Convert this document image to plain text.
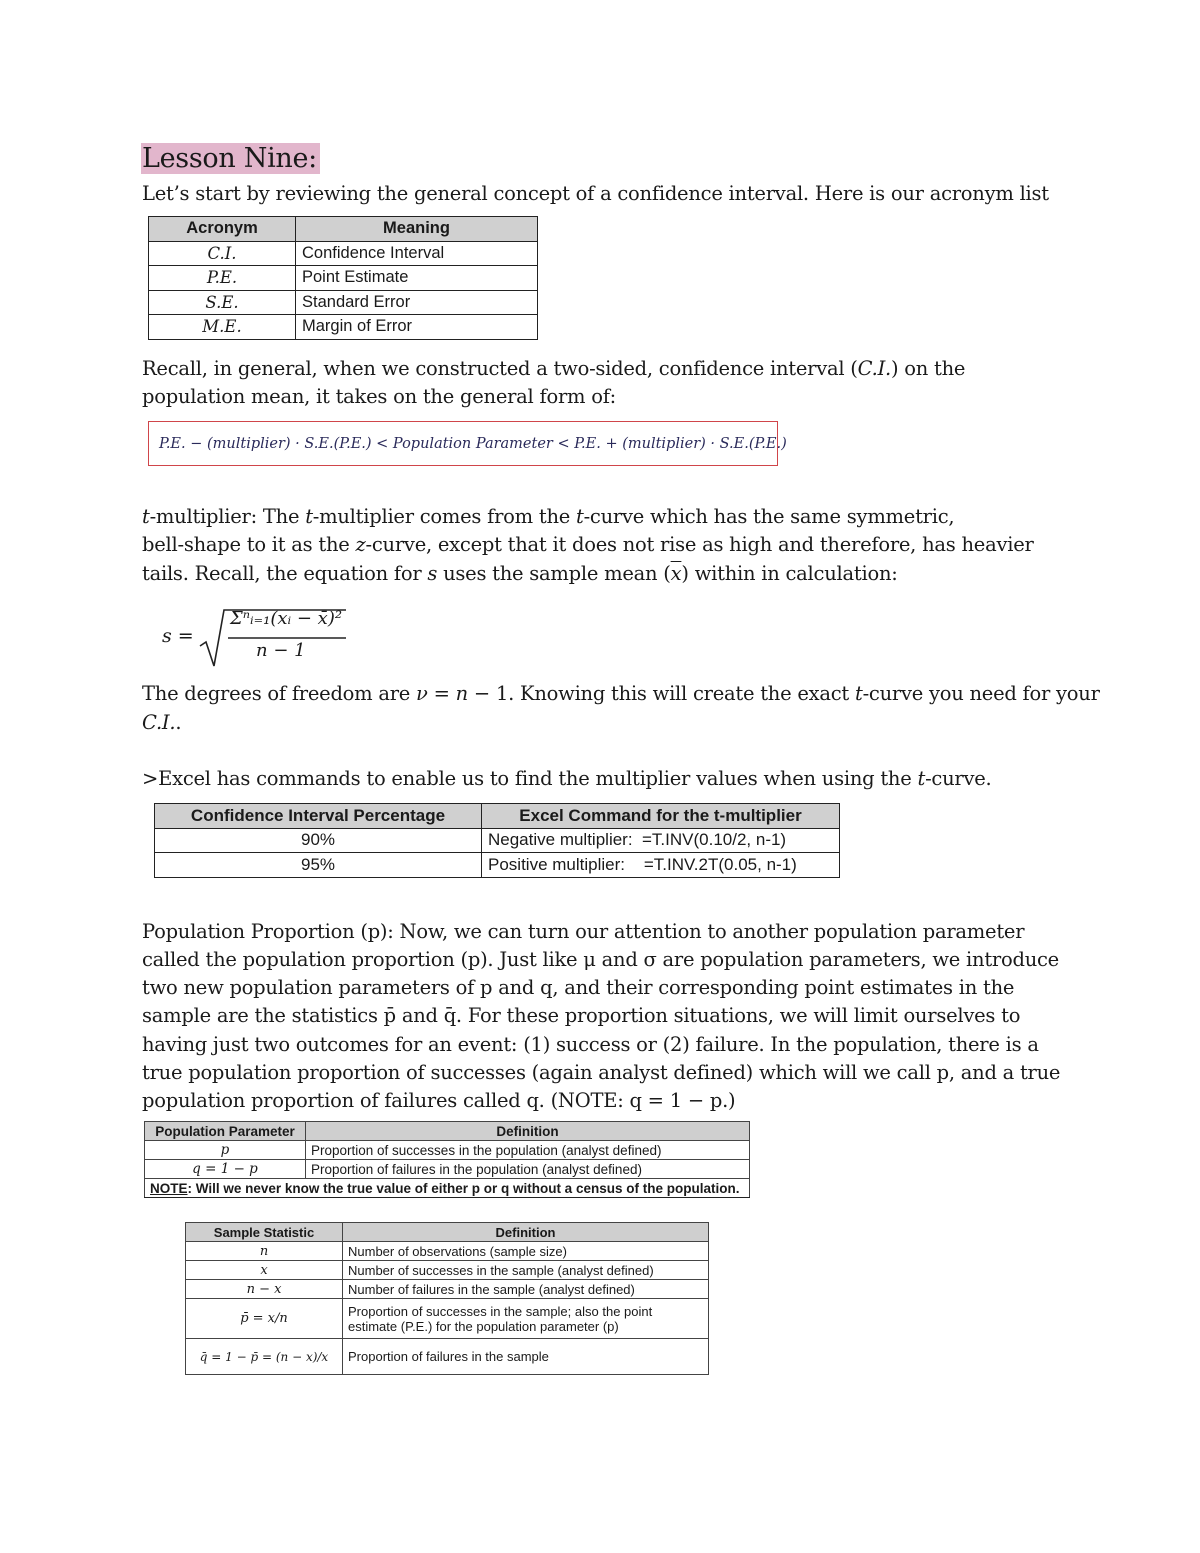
Lesson Nine:
Let’s start by reviewing the general concept of a confidence interval. Here is our acronym list
Acronym	Meaning
C.I.	Confidence Interval
P.E.	Point Estimate
S.E.	Standard Error
M.E.	Margin of Error
Recall, in general, when we constructed a two-sided, confidence interval (C.I.) on the
population mean, it takes on the general form of:
P.E. − (multiplier) · S.E.(P.E.) < Population Parameter < P.E. + (multiplier) · S.E.(P.E.)
t-multiplier: The t-multiplier comes from the t-curve which has the same symmetric,
bell-shape to it as the z-curve, except that it does not rise as high and therefore, has heavier
tails. Recall, the equation for s uses the sample mean $(\overline{x})$ within in calculation:
s =
Σⁿᵢ₌₁(xᵢ − x̄)²
n − 1
The degrees of freedom are ν = n − 1. Knowing this will create the exact t-curve you need for your
C.I..
>Excel has commands to enable us to find the multiplier values when using the t-curve.
Confidence Interval Percentage	Excel Command for the t-multiplier
90%	Negative multiplier:  =T.INV(0.10/2, n-1)
95%	Positive multiplier:    =T.INV.2T(0.05, n-1)
Population Proportion (p): Now, we can turn our attention to another population parameter
called the population proportion (p). Just like μ and σ are population parameters, we introduce
two new population parameters of p and q, and their corresponding point estimates in the
sample are the statistics p̄ and q̄. For these proportion situations, we will limit ourselves to
having just two outcomes for an event: (1) success or (2) failure. In the population, there is a
true population proportion of successes (again analyst defined) which will we call p, and a true
population proportion of failures called q. (NOTE: q = 1 − p.)
Population Parameter	Definition
p	Proportion of successes in the population (analyst defined)
q = 1 − p	Proportion of failures in the population (analyst defined)
NOTE: Will we never know the true value of either p or q without a census of the population.	
Sample Statistic	Definition
n	Number of observations (sample size)
x	Number of successes in the sample (analyst defined)
n − x	Number of failures in the sample (analyst defined)
p̄ = x/n	Proportion of successes in the sample; also the point
estimate (P.E.) for the population parameter (p)

q̄ = 1 − p̄ = (n − x)/x	Proportion of failures in the sample
